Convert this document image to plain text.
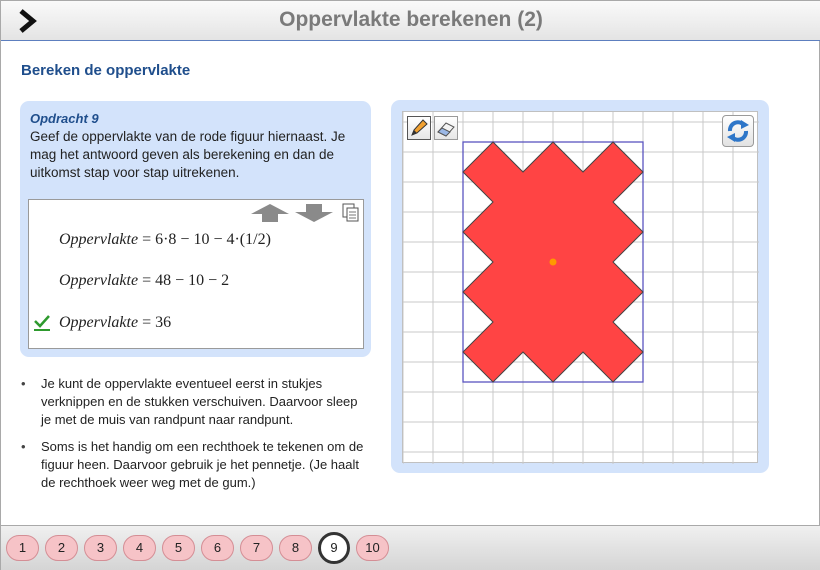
Oppervlakte berekenen (2)
Bereken de oppervlakte
Opdracht 9
Geef de oppervlakte van de rode figuur hiernaast. Je mag het antwoord geven als berekening en dan de uitkomst stap voor stap uitrekenen.
Oppervlakte = 6·8 − 10 − 4·(1/2)
Oppervlakte = 48 − 10 − 2
Oppervlakte = 36
• Je kunt de oppervlakte eventueel eerst in stukjes verknippen en de stukken verschuiven. Daarvoor sleep je met de muis van randpunt naar randpunt.
• Soms is het handig om een rechthoek te tekenen om de figuur heen. Daarvoor gebruik je het pennetje. (Je haalt de rechthoek weer weg met de gum.)
1	2	3	4	5	6	7	8	9	10
